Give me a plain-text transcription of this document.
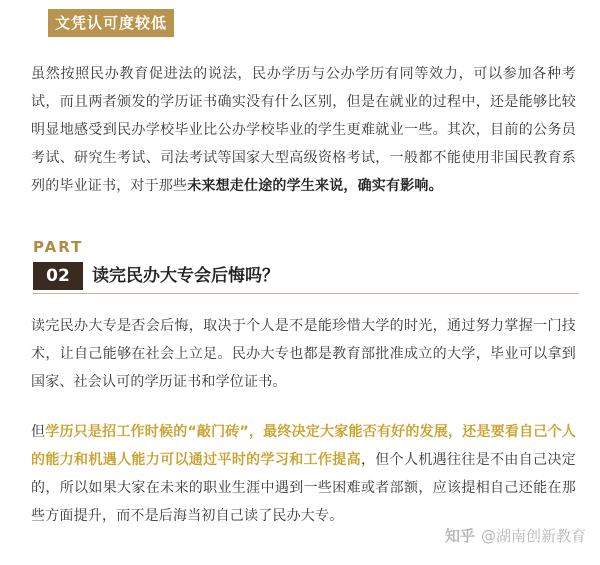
文凭认可度较低

虽然按照民办教育促进法的说法，民办学历与公办学历有同等效力，可以参加各种考试，而且两者颁发的学历证书确实没有什么区别，但是在就业的过程中，还是能够比较明显地感受到民办学校毕业比公办学校毕业的学生更难就业一些。其次，目前的公务员考试、研究生考试、司法考试等国家大型高级资格考试，一般都不能使用非国民教育系列的毕业证书，对于那些未来想走仕途的学生来说，确实有影响。

PART
02	读完民办大专会后悔吗？

读完民办大专是否会后悔，取决于个人是不是能珍惜大学的时光，通过努力掌握一门技术，让自己能够在社会上立足。民办大专也都是教育部批准成立的大学，毕业可以拿到国家、社会认可的学历证书和学位证书。

但学历只是招工作时候的“敲门砖”，最终决定大家能否有好的发展，还是要看自己个人的能力和机遇人能力可以通过平时的学习和工作提高，但个人机遇往往是不由自己决定的，所以如果大家在未来的职业生涯中遇到一些困难或者部额，应该提相自己还能在那些方面提升，而不是后海当初自己读了民办大专。

知乎 @湖南创新教育
